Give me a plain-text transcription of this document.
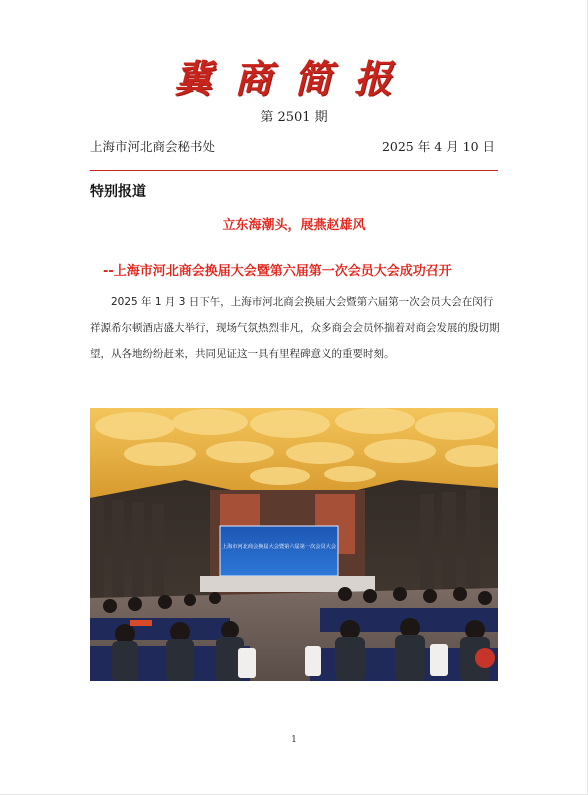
冀商简报
第 2501 期
上海市河北商会秘书处	2025 年 4 月 10 日
特别报道
立东海潮头，展燕赵雄风
--上海市河北商会换届大会暨第六届第一次会员大会成功召开

2025 年 1 月 3 日下午，上海市河北商会换届大会暨第六届第一次会员大会在闵行祥源希尔顿酒店盛大举行，现场气氛热烈非凡，众多商会会员怀揣着对商会发展的殷切期望，从各地纷纷赶来，共同见证这一具有里程碑意义的重要时刻。

上海市河北商会换届大会暨第六届第一次会员大会
1
